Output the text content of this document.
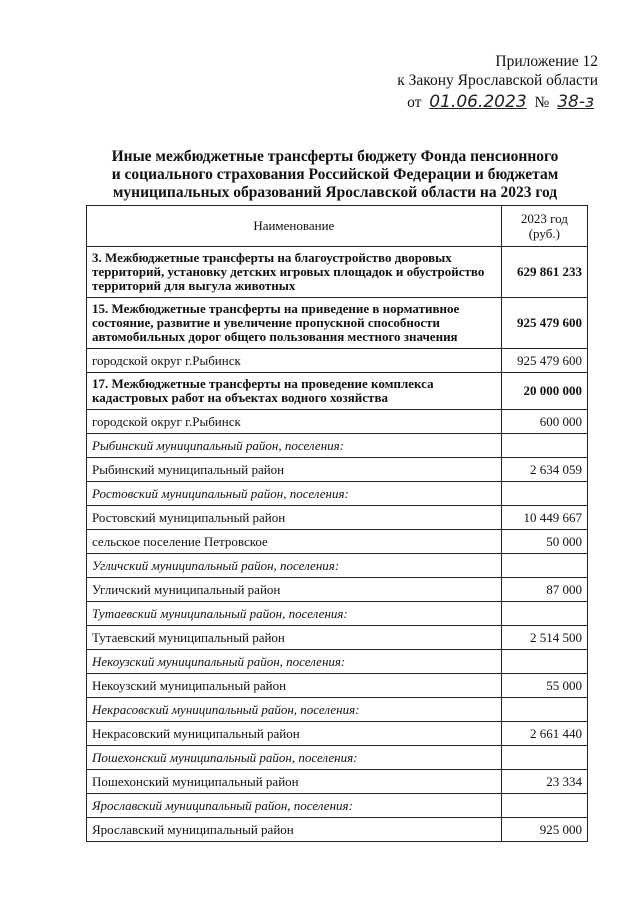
Приложение 12
к Закону Ярославской области
от 01.06.2023 № 38-з
Иные межбюджетные трансферты бюджету Фонда пенсионного
и социального страхования Российской Федерации и бюджетам
муниципальных образований Ярославской области на 2023 год
Наименование	2023 год (руб.)
3. Межбюджетные трансферты на благоустройство дворовых территорий, установку детских игровых площадок и обустройство территорий для выгула животных	629 861 233
15. Межбюджетные трансферты на приведение в нормативное состояние, развитие и увеличение пропускной способности автомобильных дорог общего пользования местного значения	925 479 600
городской округ г.Рыбинск	925 479 600
17. Межбюджетные трансферты на проведение комплекса кадастровых работ на объектах водного хозяйства	20 000 000
городской округ г.Рыбинск	600 000
Рыбинский муниципальный район, поселения:	
Рыбинский муниципальный район	2 634 059
Ростовский муниципальный район, поселения:	
Ростовский муниципальный район	10 449 667
сельское поселение Петровское	50 000
Угличский муниципальный район, поселения:	
Угличский муниципальный район	87 000
Тутаевский муниципальный район, поселения:	
Тутаевский муниципальный район	2 514 500
Некоузский муниципальный район, поселения:	
Некоузский муниципальный район	55 000
Некрасовский муниципальный район, поселения:	
Некрасовский муниципальный район	2 661 440
Пошехонский муниципальный район, поселения:	
Пошехонский муниципальный район	23 334
Ярославский муниципальный район, поселения:	
Ярославский муниципальный район	925 000
